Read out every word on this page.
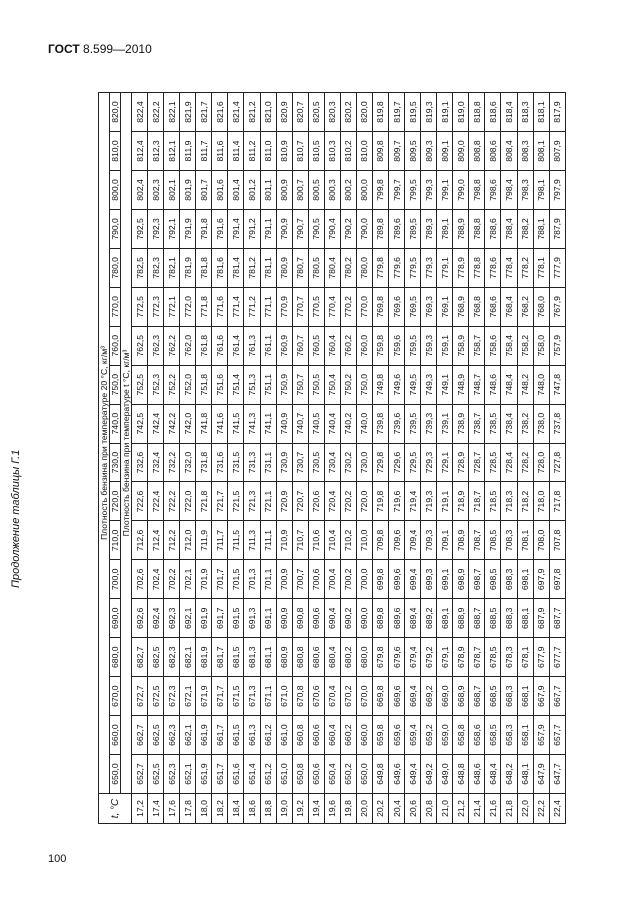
ГОСТ 8.599—2010
Продолжение таблицы Г.1
100
t, °C	Плотность бензина при температуре 20 °С, кг/м³																	
	650,0	660,0	670,0	680,0	690,0	700,0	710,0	720,0	730,0	740,0	750,0	760,0	770,0	780,0	790,0	800,0	810,0	820,0
	Плотность бензина при температуре t °С, кг/м³																	
17,2	652,7	662,7	672,7	682,7	692,6	702,6	712,6	722,6	732,6	742,5	752,5	762,5	772,5	782,5	792,5	802,4	812,4	822,4
17,4	652,5	662,5	672,5	682,5	692,4	702,4	712,4	722,4	732,4	742,4	752,3	762,3	772,3	782,3	792,3	802,3	812,3	822,2
17,6	652,3	662,3	672,3	682,3	692,3	702,2	712,2	722,2	732,2	742,2	752,2	762,2	772,1	782,1	792,1	802,1	812,1	822,1
17,8	652,1	662,1	672,1	682,1	692,1	702,1	712,0	722,0	732,0	742,0	752,0	762,0	772,0	781,9	791,9	801,9	811,9	821,9
18,0	651,9	661,9	671,9	681,9	691,9	701,9	711,9	721,8	731,8	741,8	751,8	761,8	771,8	781,8	791,8	801,7	811,7	821,7
18,2	651,7	661,7	671,7	681,7	691,7	701,7	711,7	721,7	731,6	741,6	751,6	761,6	771,6	781,6	791,6	801,6	811,6	821,6
18,4	651,6	661,5	671,5	681,5	691,5	701,5	711,5	721,5	731,5	741,5	751,4	761,4	771,4	781,4	791,4	801,4	811,4	821,4
18,6	651,4	661,3	671,3	681,3	691,3	701,3	711,3	721,3	731,3	741,3	751,3	761,3	771,2	781,2	791,2	801,2	811,2	821,2
18,8	651,2	661,2	671,1	681,1	691,1	701,1	711,1	721,1	731,1	741,1	751,1	761,1	771,1	781,1	791,1	801,1	811,0	821,0
19,0	651,0	661,0	671,0	680,9	690,9	700,9	710,9	720,9	730,9	740,9	750,9	760,9	770,9	780,9	790,9	800,9	810,9	820,9
19,2	650,8	660,8	670,8	680,8	690,8	700,7	710,7	720,7	730,7	740,7	750,7	760,7	770,7	780,7	790,7	800,7	810,7	820,7
19,4	650,6	660,6	670,6	680,6	690,6	700,6	710,6	720,6	730,5	740,5	750,5	760,5	770,5	780,5	790,5	800,5	810,5	820,5
19,6	650,4	660,4	670,4	680,4	690,4	700,4	710,4	720,4	730,4	740,4	750,4	760,4	770,4	780,4	790,4	800,3	810,3	820,3
19,8	650,2	660,2	670,2	680,2	690,2	700,2	710,2	720,2	730,2	740,2	750,2	760,2	770,2	780,2	790,2	800,2	810,2	820,2
20,0	650,0	660,0	670,0	680,0	690,0	700,0	710,0	720,0	730,0	740,0	750,0	760,0	770,0	780,0	790,0	800,0	810,0	820,0
20,2	649,8	659,8	669,8	679,8	689,8	699,8	709,8	719,8	729,8	739,8	749,8	759,8	769,8	779,8	789,8	799,8	809,8	819,8
20,4	649,6	659,6	669,6	679,6	689,6	699,6	709,6	719,6	729,6	739,6	749,6	759,6	769,6	779,6	789,6	799,7	809,7	819,7
20,6	649,4	659,4	669,4	679,4	689,4	699,4	709,4	719,4	729,5	739,5	749,5	759,5	769,5	779,5	789,5	799,5	809,5	819,5
20,8	649,2	659,2	669,2	679,2	689,2	699,3	709,3	719,3	729,3	739,3	749,3	759,3	769,3	779,3	789,3	799,3	809,3	819,3
21,0	649,0	659,0	669,0	679,1	689,1	699,1	709,1	719,1	729,1	739,1	749,1	759,1	769,1	779,1	789,1	799,1	809,1	819,1
21,2	648,8	658,8	668,9	678,9	688,9	698,9	708,9	718,9	728,9	738,9	748,9	758,9	768,9	778,9	788,9	799,0	809,0	819,0
21,4	648,6	658,6	668,7	678,7	688,7	698,7	708,7	718,7	728,7	738,7	748,7	758,7	768,8	778,8	788,8	798,8	808,8	818,8
21,6	648,4	658,5	668,5	678,5	688,5	698,5	708,5	718,5	728,5	738,5	748,6	758,6	768,6	778,6	788,6	798,6	808,6	818,6
21,8	648,2	658,3	668,3	678,3	688,3	698,3	708,3	718,3	728,4	738,4	748,4	758,4	768,4	778,4	788,4	798,4	808,4	818,4
22,0	648,1	658,1	668,1	678,1	688,1	698,1	708,1	718,2	728,2	738,2	748,2	758,2	768,2	778,2	788,2	798,3	808,3	818,3
22,2	647,9	657,9	667,9	677,9	687,9	697,9	708,0	718,0	728,0	738,0	748,0	758,0	768,0	778,1	788,1	798,1	808,1	818,1
22,4	647,7	657,7	667,7	677,7	687,7	697,8	707,8	717,8	727,8	737,8	747,8	757,9	767,9	777,9	787,9	797,9	807,9	817,9
